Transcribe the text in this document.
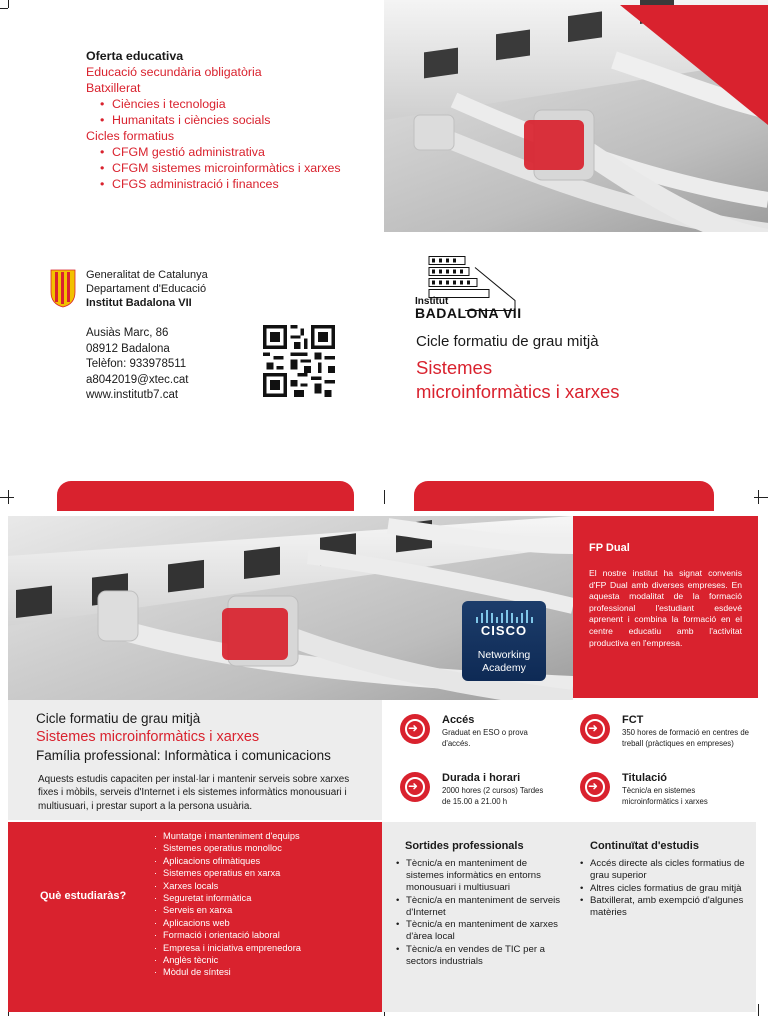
Oferta educativa
Educació secundària obligatòria
Batxillerat
• Ciències i tecnologia
• Humanitats i ciències socials
Cicles formatius
• CFGM gestió administrativa
• CFGM sistemes microinformàtics i xarxes
• CFGS administració i finances
Generalitat de Catalunya
Departament d'Educació
Institut Badalona VII
Ausiàs Marc, 86
08912 Badalona
Telèfon: 933978511
a8042019@xtec.cat
www.institutb7.cat
Institut
BADALONA VII
Cicle formatiu de grau mitjà
Sistemes
microinformàtics i xarxes
FP Dual
El nostre institut ha signat convenis d'FP Dual amb diverses empreses. En aquesta modalitat de la formació professional l'estudiant esdevé aprenent i combina la formació en el centre educatiu amb l'activitat productiva en l'empresa.
CISCO
Networking
Academy
Cicle formatiu de grau mitjà
Sistemes microinformàtics i xarxes
Família professional: Informàtica i comunicacions
Aquests estudis capaciten per instal·lar i mantenir serveis sobre xarxes fixes i mòbils, serveis d'Internet i els sistemes informàtics monousuari i multiusuari, i prestar suport a la persona usuària.
➜
Accés
Graduat en ESO o prova d'accés.
➜
FCT
350 hores de formació en centres de treball (pràctiques en empreses)
➜
Durada i horari
2000 hores (2 cursos) Tardes de 15.00 a 21.00 h
➜
Titulació
Tècnic/a en sistemes microinformàtics i xarxes
Què estudiaràs?
· Muntatge i manteniment d'equips
· Sistemes operatius monolloc
· Aplicacions ofimàtiques
· Sistemes operatius en xarxa
· Xarxes locals
· Seguretat informàtica
· Serveis en xarxa
· Aplicacions web
· Formació i orientació laboral
· Empresa i iniciativa emprenedora
· Anglès tècnic
· Mòdul de síntesi
Sortides professionals
• Tècnic/a en manteniment de sistemes informàtics en entorns monousuari i multiusuari
• Tècnic/a en manteniment de serveis d'Internet
• Tècnic/a en manteniment de xarxes d'àrea local
• Tècnic/a en vendes de TIC per a sectors industrials
Continuïtat d'estudis
• Accés directe als cicles formatius de grau superior
• Altres cicles formatius de grau mitjà
• Batxillerat, amb exempció d'algunes matèries
